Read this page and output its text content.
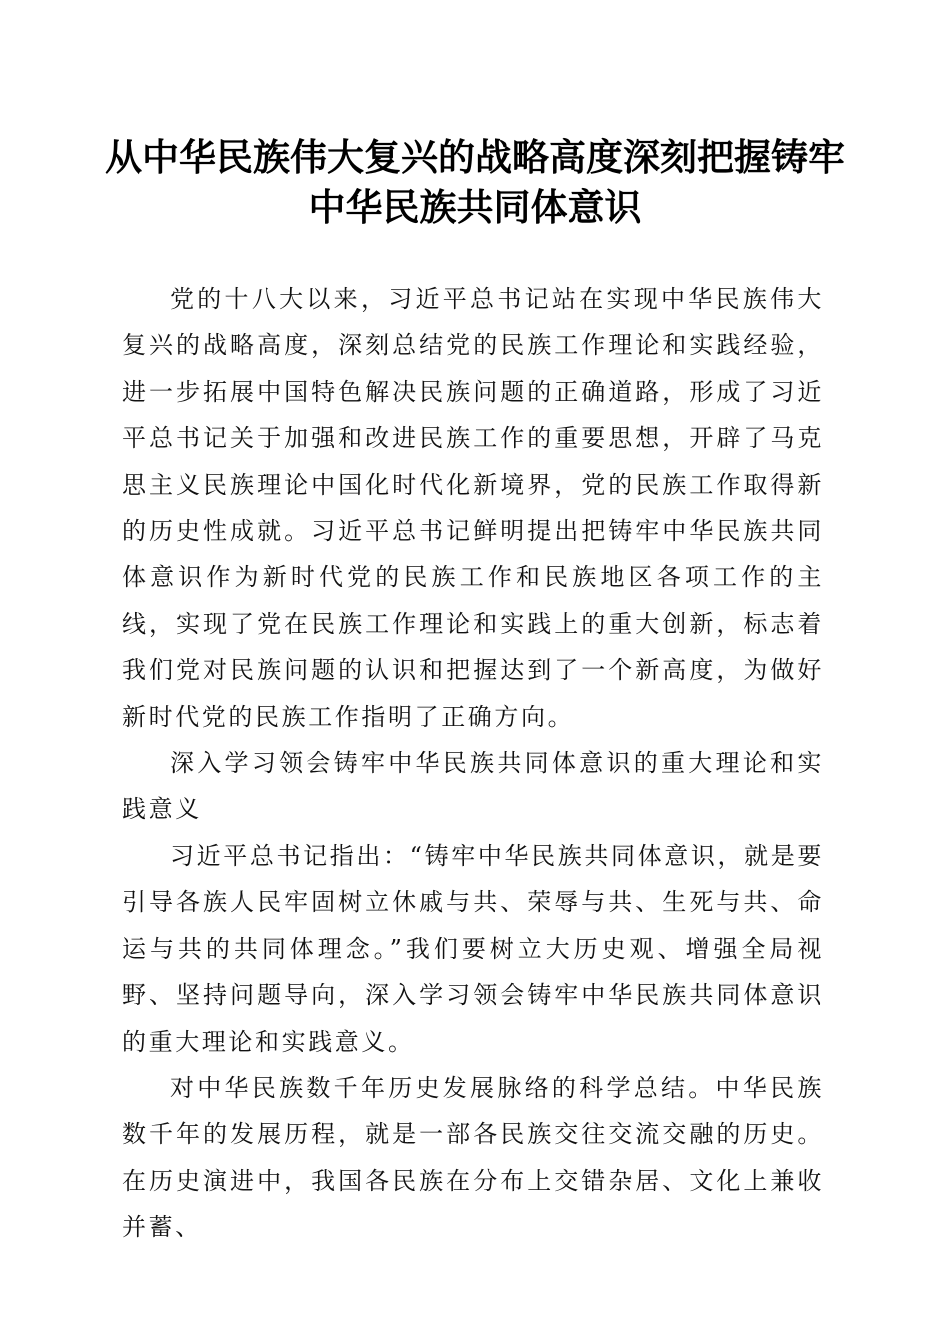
从中华民族伟大复兴的战略高度深刻把握铸牢
中华民族共同体意识

党的十八大以来，习近平总书记站在实现中华民族伟大复兴的战略高度，深刻总结党的民族工作理论和实践经验，进一步拓展中国特色解决民族问题的正确道路，形成了习近平总书记关于加强和改进民族工作的重要思想，开辟了马克思主义民族理论中国化时代化新境界，党的民族工作取得新的历史性成就。习近平总书记鲜明提出把铸牢中华民族共同体意识作为新时代党的民族工作和民族地区各项工作的主线，实现了党在民族工作理论和实践上的重大创新，标志着我们党对民族问题的认识和把握达到了一个新高度，为做好新时代党的民族工作指明了正确方向。

深入学习领会铸牢中华民族共同体意识的重大理论和实践意义

习近平总书记指出：“铸牢中华民族共同体意识，就是要引导各族人民牢固树立休戚与共、荣辱与共、生死与共、命运与共的共同体理念。”我们要树立大历史观、增强全局视野、坚持问题导向，深入学习领会铸牢中华民族共同体意识的重大理论和实践意义。

对中华民族数千年历史发展脉络的科学总结。中华民族数千年的发展历程，就是一部各民族交往交流交融的历史。在历史演进中，我国各民族在分布上交错杂居、文化上兼收并蓄、
